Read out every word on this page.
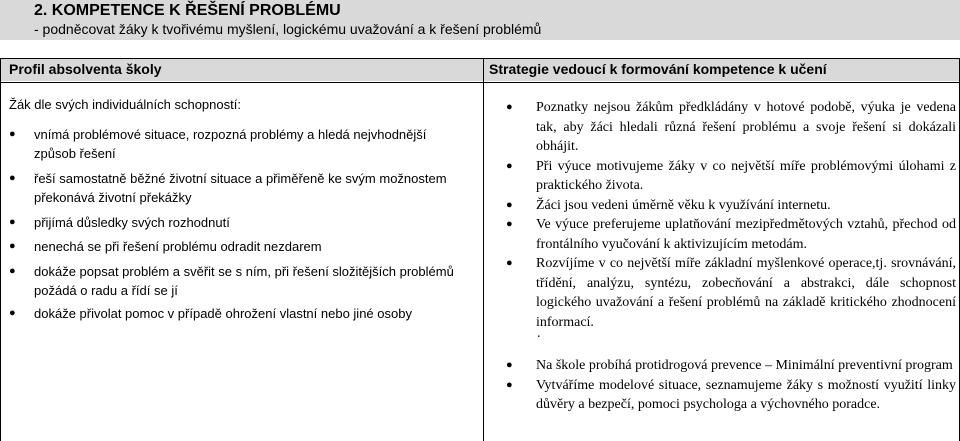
2. KOMPETENCE K ŘEŠENÍ PROBLÉMU
- podněcovat žáky k tvořivému myšlení, logickému uvažování a k řešení problémů
Profil absolventa školy	Strategie vedoucí k formování kompetence k učení
Žák dle svých individuálních schopností:
● vnímá problémové situace, rozpozná problémy a hledá nejvhodnější způsob řešení
● řeší samostatně běžné životní situace a přiměřeně ke svým možnostem překonává životní překážky
● přijímá důsledky svých rozhodnutí
● nenechá se při řešení problému odradit nezdarem
● dokáže popsat problém a svěřit se s ním, při řešení složitějších problémů požádá o radu a řídí se jí
● dokáže přivolat pomoc v případě ohrožení vlastní nebo jiné osoby
● Poznatky nejsou žákům předkládány v hotové podobě, výuka je vedena tak, aby žáci hledali různá řešení problému a svoje řešení si dokázali obhájit.
● Při výuce motivujeme žáky v co největší míře problémovými úlohami z praktického života.
● Žáci jsou vedeni úměrně věku k využívání internetu.
● Ve výuce preferujeme uplatňování mezipředmětových vztahů, přechod od frontálního vyučování k aktivizujícím metodám.
● Rozvíjíme v co největší míře základní myšlenkové operace,tj. srovnávání, třídění, analýzu, syntézu, zobecňování a abstrakci, dále schopnost logického uvažování a řešení problémů na základě kritického zhodnocení informací.
● Na škole probíhá protidrogová prevence – Minimální preventivní program
● Vytváříme modelové situace, seznamujeme žáky s možností využití linky důvěry a bezpečí, pomoci psychologa a výchovného poradce.
.
